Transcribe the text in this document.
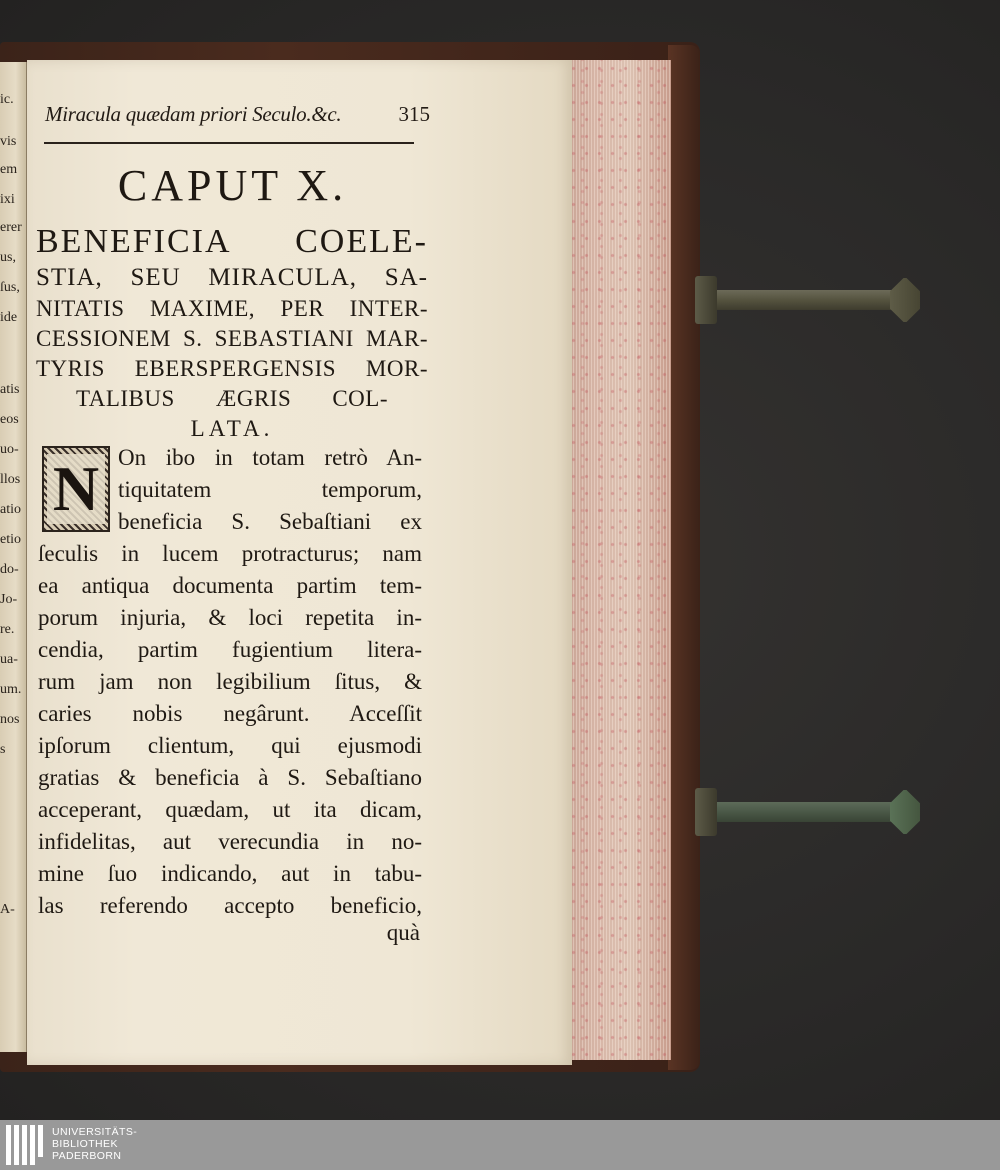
ic.
vis
em
ixi
erer
us,
ſus,
ide
atis
eos
uo-
llos
atio
etio
do-
Jo-
re.
ua-
um.
nos
s
A-
Miracula quædam priori Seculo.&c.	315
CAPUT X.
BENEFICIA COELE-
STIA, SEU MIRACULA, SA-
NITATIS MAXIME, PER INTER-
CESSIONEM S. SEBASTIANI MAR-
TYRIS EBERSPERGENSIS MOR-
TALIBUS ÆGRIS COL-
LATA.
N On ibo in totam retrò An-
tiquitatem temporum,
beneficia S. Sebaſtiani ex
ſeculis in lucem protracturus; nam
ea antiqua documenta partim tem-
porum injuria, & loci repetita in-
cendia, partim fugientium litera-
rum jam non legibilium ſitus, &
caries nobis negârunt. Acceſſit
ipſorum clientum, qui ejusmodi
gratias & beneficia à S. Sebaſtiano
acceperant, quædam, ut ita dicam,
infidelitas, aut verecundia in no-
mine ſuo indicando, aut in tabu-
las referendo accepto beneficio,
quà
UNIVERSITÄTS-
BIBLIOTHEK
PADERBORN
